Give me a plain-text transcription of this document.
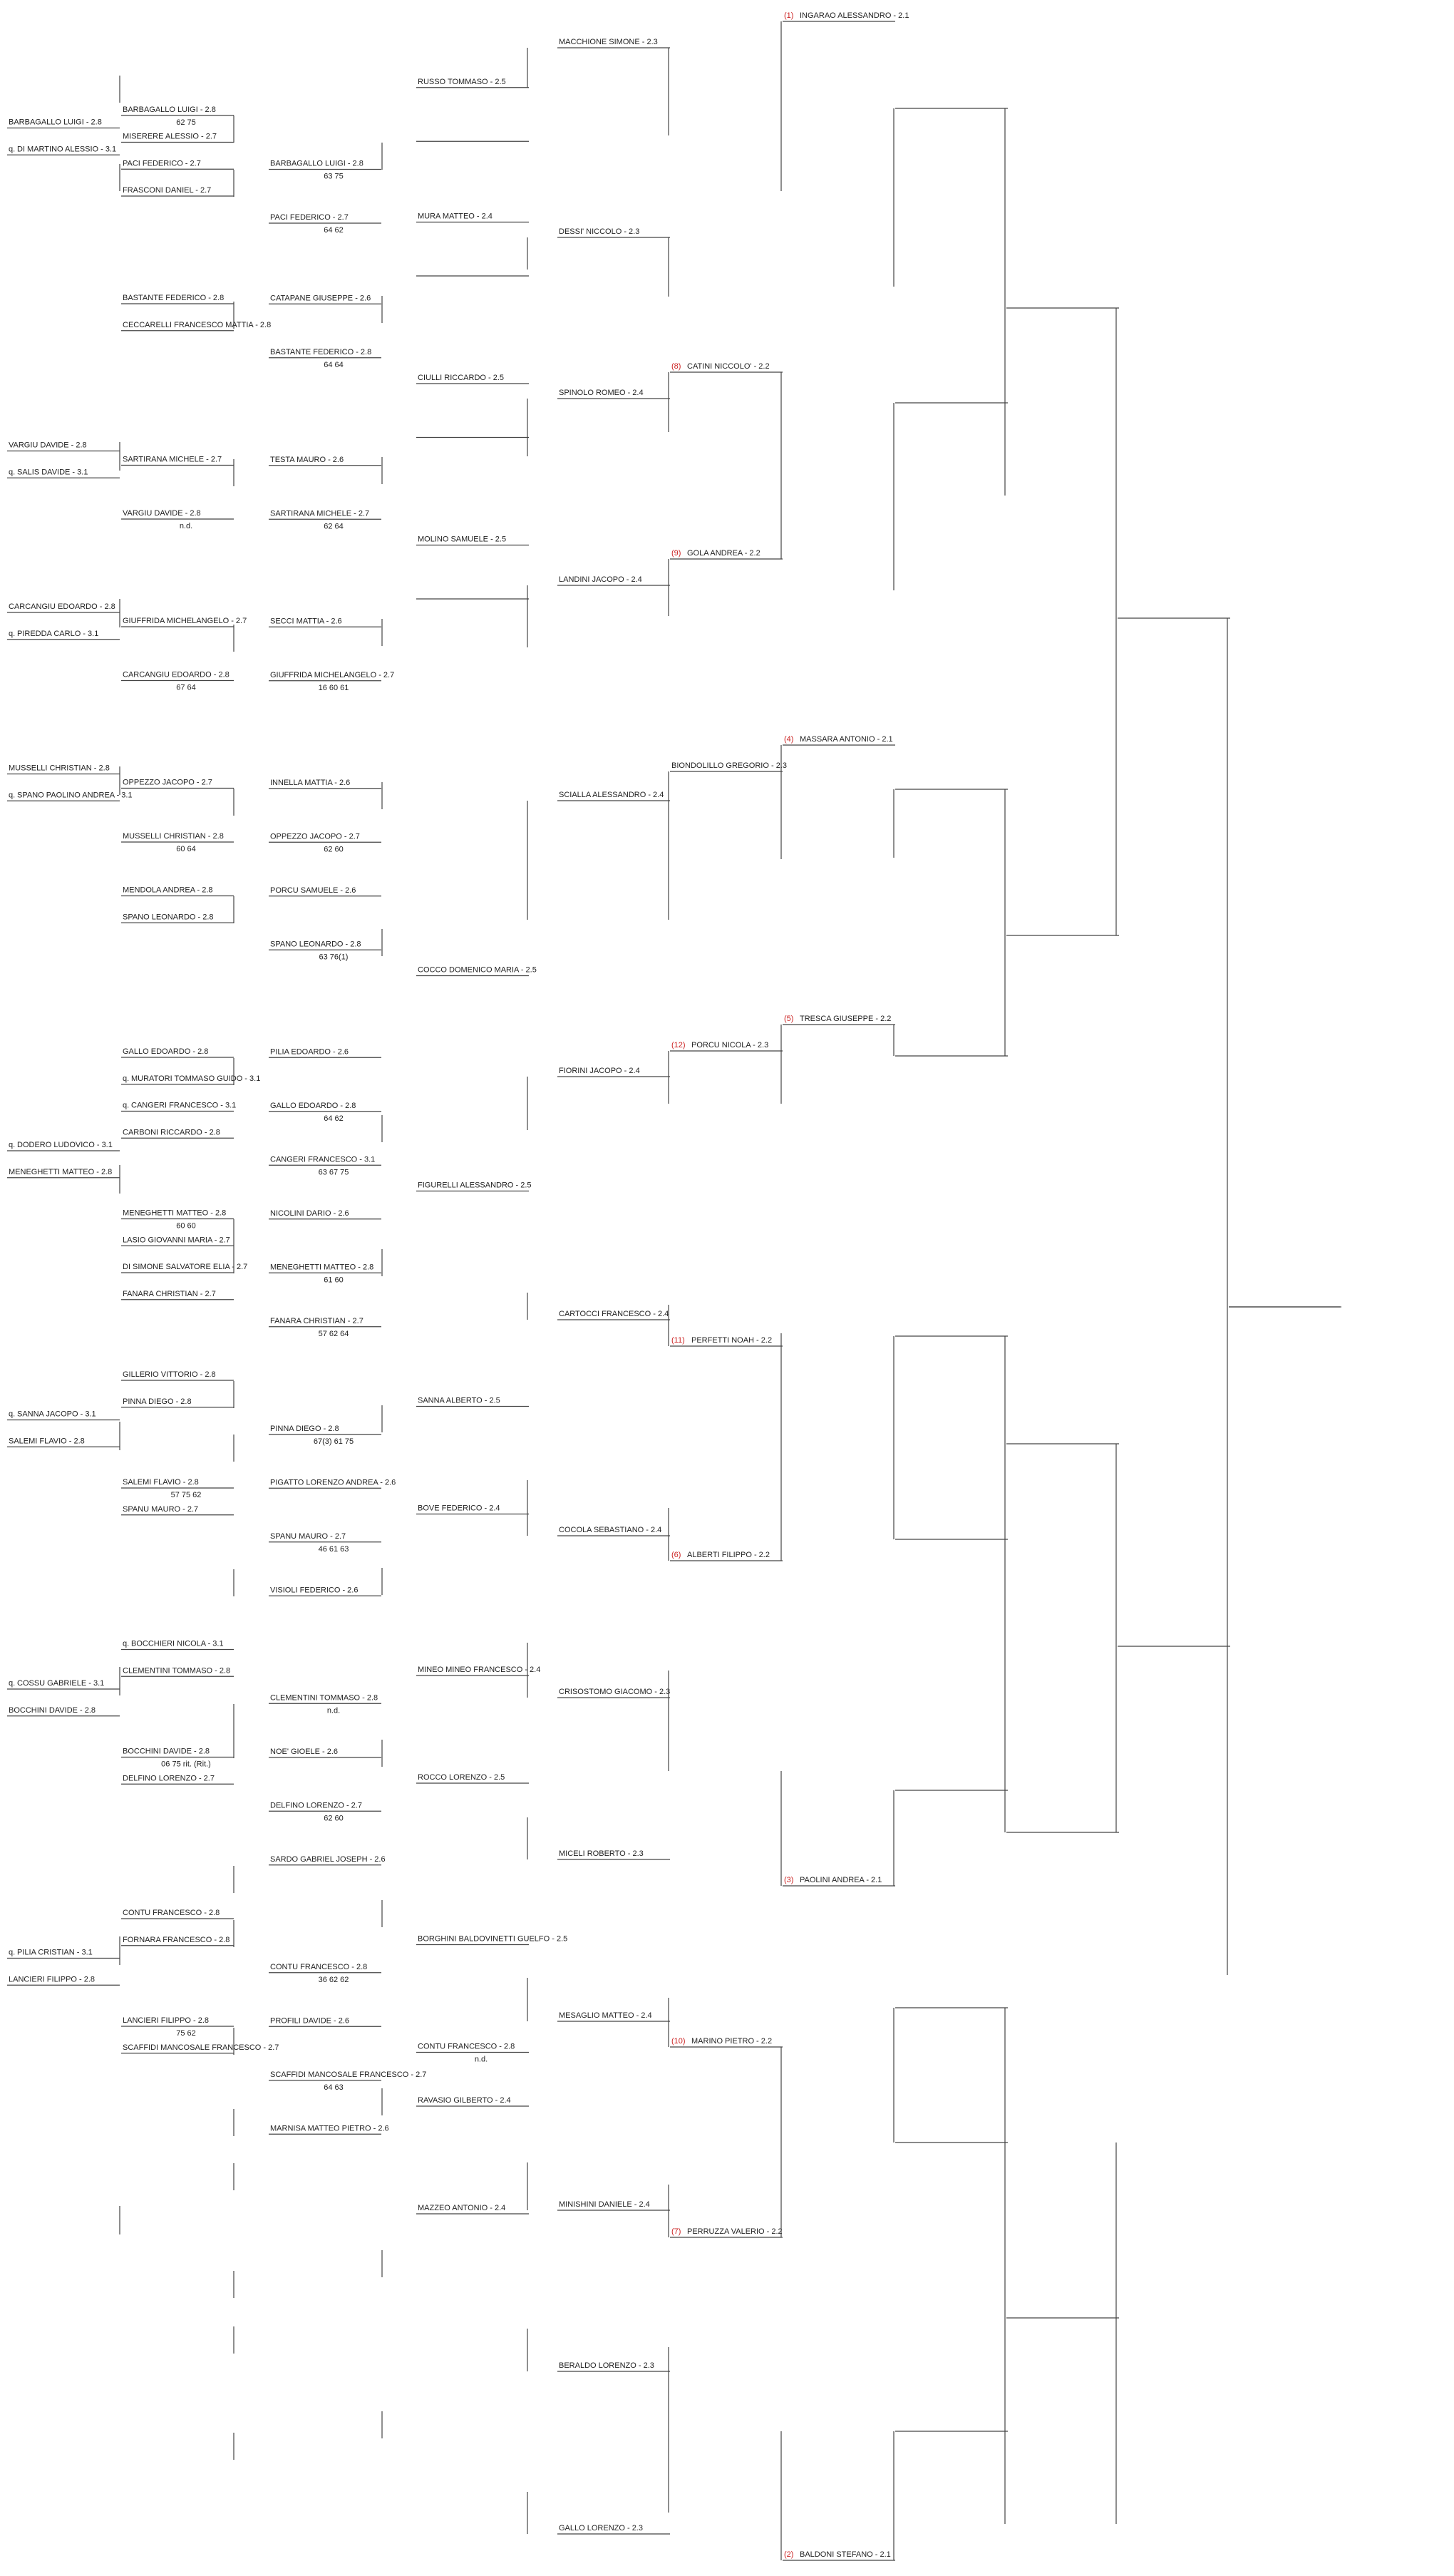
BARBAGALLO LUIGI - 2.8
q. DI MARTINO ALESSIO - 3.1
VARGIU DAVIDE - 2.8
q. SALIS DAVIDE - 3.1
CARCANGIU EDOARDO - 2.8
q. PIREDDA CARLO - 3.1
MUSSELLI CHRISTIAN - 2.8
q. SPANO PAOLINO ANDREA - 3.1
q. DODERO LUDOVICO - 3.1
MENEGHETTI MATTEO - 2.8
q. SANNA JACOPO - 3.1
SALEMI FLAVIO - 2.8
q. COSSU GABRIELE - 3.1
BOCCHINI DAVIDE - 2.8
q. PILIA CRISTIAN - 3.1
LANCIERI FILIPPO - 2.8
BARBAGALLO LUIGI - 2.8
62 75
MISERERE ALESSIO - 2.7
PACI FEDERICO - 2.7
FRASCONI DANIEL - 2.7
BASTANTE FEDERICO - 2.8
CECCARELLI FRANCESCO MATTIA - 2.8
SARTIRANA MICHELE - 2.7
VARGIU DAVIDE - 2.8
n.d.
GIUFFRIDA MICHELANGELO - 2.7
CARCANGIU EDOARDO - 2.8
67 64
OPPEZZO JACOPO - 2.7
MUSSELLI CHRISTIAN - 2.8
60 64
MENDOLA ANDREA - 2.8
SPANO LEONARDO - 2.8
GALLO EDOARDO - 2.8
q. MURATORI TOMMASO GUIDO - 3.1
q. CANGERI FRANCESCO - 3.1
CARBONI RICCARDO - 2.8
MENEGHETTI MATTEO - 2.8
60 60
LASIO GIOVANNI MARIA - 2.7
DI SIMONE SALVATORE ELIA - 2.7
FANARA CHRISTIAN - 2.7
GILLERIO VITTORIO - 2.8
PINNA DIEGO - 2.8
SALEMI FLAVIO - 2.8
57 75 62
SPANU MAURO - 2.7
q. BOCCHIERI NICOLA - 3.1
CLEMENTINI TOMMASO - 2.8
BOCCHINI DAVIDE - 2.8
06 75 rit. (Rit.)
DELFINO LORENZO - 2.7
CONTU FRANCESCO - 2.8
FORNARA FRANCESCO - 2.8
LANCIERI FILIPPO - 2.8
75 62
SCAFFIDI MANCOSALE FRANCESCO - 2.7
BARBAGALLO LUIGI - 2.8
63 75
PACI FEDERICO - 2.7
64 62
CATAPANE GIUSEPPE - 2.6
BASTANTE FEDERICO - 2.8
64 64
TESTA MAURO - 2.6
SARTIRANA MICHELE - 2.7
62 64
SECCI MATTIA - 2.6
GIUFFRIDA MICHELANGELO - 2.7
16 60 61
INNELLA MATTIA - 2.6
OPPEZZO JACOPO - 2.7
62 60
PORCU SAMUELE - 2.6
SPANO LEONARDO - 2.8
63 76(1)
PILIA EDOARDO - 2.6
GALLO EDOARDO - 2.8
64 62
CANGERI FRANCESCO - 3.1
63 67 75
NICOLINI DARIO - 2.6
MENEGHETTI MATTEO - 2.8
61 60
FANARA CHRISTIAN - 2.7
57 62 64
PINNA DIEGO - 2.8
67(3) 61 75
PIGATTO LORENZO ANDREA - 2.6
SPANU MAURO - 2.7
46 61 63
VISIOLI FEDERICO - 2.6
CLEMENTINI TOMMASO - 2.8
n.d.
NOE' GIOELE - 2.6
DELFINO LORENZO - 2.7
62 60
SARDO GABRIEL JOSEPH - 2.6
CONTU FRANCESCO - 2.8
36 62 62
PROFILI DAVIDE - 2.6
SCAFFIDI MANCOSALE FRANCESCO - 2.7
64 63
MARNISA MATTEO PIETRO - 2.6
RUSSO TOMMASO - 2.5
MURA MATTEO - 2.4
CIULLI RICCARDO - 2.5
MOLINO SAMUELE - 2.5
COCCO DOMENICO MARIA - 2.5
FIGURELLI ALESSANDRO - 2.5
SANNA ALBERTO - 2.5
BOVE FEDERICO - 2.4
MINEO MINEO FRANCESCO - 2.4
ROCCO LORENZO - 2.5
BORGHINI BALDOVINETTI GUELFO - 2.5
CONTU FRANCESCO - 2.8
n.d.
RAVASIO GILBERTO - 2.4
MAZZEO ANTONIO - 2.4
MACCHIONE SIMONE - 2.3
DESSI' NICCOLO - 2.3
SPINOLO ROMEO - 2.4
LANDINI JACOPO - 2.4
SCIALLA ALESSANDRO - 2.4
FIORINI JACOPO - 2.4
CARTOCCI FRANCESCO - 2.4
COCOLA SEBASTIANO - 2.4
CRISOSTOMO GIACOMO - 2.3
MICELI ROBERTO - 2.3
MESAGLIO MATTEO - 2.4
MINISHINI DANIELE - 2.4
BERALDO LORENZO - 2.3
GALLO LORENZO - 2.3
(8) CATINI NICCOLO' - 2.2
(9) GOLA ANDREA - 2.2
BIONDOLILLO GREGORIO - 2.3
(12) PORCU NICOLA - 2.3
(11) PERFETTI NOAH - 2.2
(6) ALBERTI FILIPPO - 2.2
(10) MARINO PIETRO - 2.2
(7) PERRUZZA VALERIO - 2.2
(1) INGARAO ALESSANDRO - 2.1
(4) MASSARA ANTONIO - 2.1
(5) TRESCA GIUSEPPE - 2.2
(3) PAOLINI ANDREA - 2.1
(2) BALDONI STEFANO - 2.1
